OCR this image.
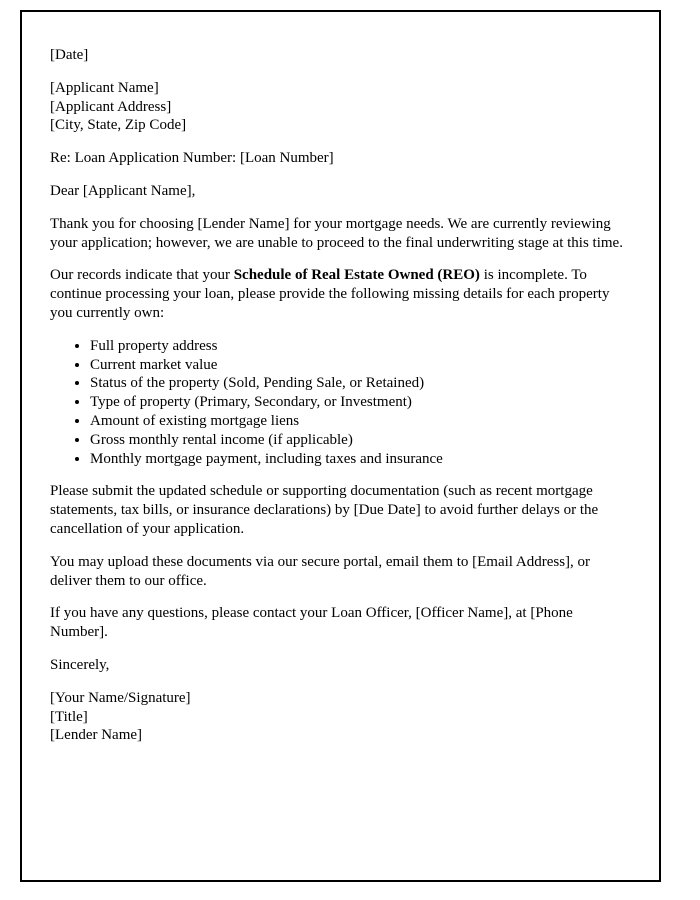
[Date]

[Applicant Name]

[Applicant Address]

[City, State, Zip Code]

Re: Loan Application Number: [Loan Number]

Dear [Applicant Name],

Thank you for choosing [Lender Name] for your mortgage needs. We are currently reviewing your application; however, we are unable to proceed to the final underwriting stage at this time.

Our records indicate that your Schedule of Real Estate Owned (REO) is incomplete. To continue processing your loan, please provide the following missing details for each property you currently own:

• Full property address
• Current market value
• Status of the property (Sold, Pending Sale, or Retained)
• Type of property (Primary, Secondary, or Investment)
• Amount of existing mortgage liens
• Gross monthly rental income (if applicable)
• Monthly mortgage payment, including taxes and insurance

Please submit the updated schedule or supporting documentation (such as recent mortgage statements, tax bills, or insurance declarations) by [Due Date] to avoid further delays or the cancellation of your application.

You may upload these documents via our secure portal, email them to [Email Address], or deliver them to our office.

If you have any questions, please contact your Loan Officer, [Officer Name], at [Phone Number].

Sincerely,

[Your Name/Signature]

[Title]

[Lender Name]
